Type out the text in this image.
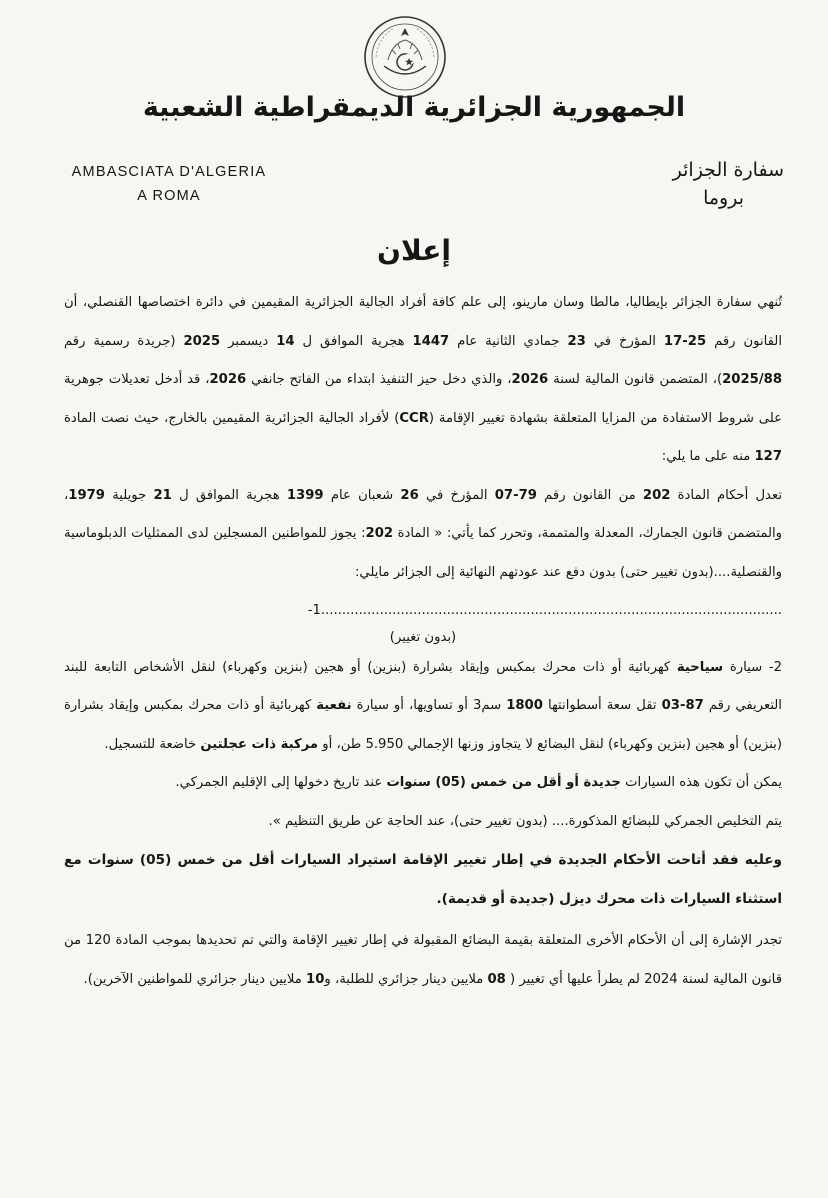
الجمهورية الجزائرية الديمقراطية الشعبية
AMBASCIATA D'ALGERIA
A ROMA
سفارة الجزائر
بروما
إعلان

تُنهي سفارة الجزائر بإيطاليا، مالطا وسان مارينو، إلى علم كافة أفراد الجالية الجزائرية المقيمين في دائرة اختصاصها القنصلي، أن القانون رقم 25-17 المؤرخ في 23 جمادي الثانية عام 1447 هجرية الموافق ل 14 ديسمبر 2025 (جريدة رسمية رقم 2025/88)، المتضمن قانون المالية لسنة 2026، والذي دخل حيز التنفيذ ابتداء من الفاتح جانفي 2026، قد أدخل تعديلات جوهرية على شروط الاستفادة من المزايا المتعلقة بشهادة تغيير الإقامة (CCR) لأفراد الجالية الجزائرية المقيمين بالخارج، حيث نصت المادة 127 منه على ما يلي:

تعدل أحكام المادة 202 من القانون رقم 79-07 المؤرخ في 26 شعبان عام 1399 هجرية الموافق ل 21 جويلية 1979، والمتضمن قانون الجمارك، المعدلة والمتممة، وتحرر كما يأتي: « المادة 202: يجوز للمواطنين المسجلين لدى الممثليات الدبلوماسية والقنصلية....(بدون تغيير حتى) بدون دفع عند عودتهم النهائية إلى الجزائر مايلي:

-1..............................................................................................................
(بدون تغيير)

2- سيارة سياحية كهربائية أو ذات محرك بمكبس وإيقاد بشرارة (بنزين) أو هجين (بنزين وكهرباء) لنقل الأشخاص التابعة للبند التعريفي رقم 87-03 تقل سعة أسطوانتها 1800 سم3 أو تساويها، أو سيارة نفعية كهربائية أو ذات محرك بمكبس وإيقاد بشرارة (بنزين) أو هجين (بنزين وكهرباء) لنقل البضائع لا يتجاوز وزنها الإجمالي 5.950 طن، أو مركبة ذات عجلتين خاضعة للتسجيل.

يمكن أن تكون هذه السيارات جديدة أو أقل من خمس (05) سنوات عند تاريخ دخولها إلى الإقليم الجمركي.

يتم التخليص الجمركي للبضائع المذكورة.... (بدون تغيير حتى)، عند الحاجة عن طريق التنظيم ».

وعليه فقد أتاحت الأحكام الجديدة في إطار تغيير الإقامة استيراد السيارات أقل من خمس (05) سنوات مع استثناء السيارات ذات محرك ديزل (جديدة أو قديمة).

تجدر الإشارة إلى أن الأحكام الأخرى المتعلقة بقيمة البضائع المقبولة في إطار تغيير الإقامة والتي تم تحديدها بموجب المادة 120 من قانون المالية لسنة 2024 لم يطرأ عليها أي تغيير ( 08 ملايين دينار جزائري للطلبة، و10 ملايين دينار جزائري للمواطنين الآخرين).
